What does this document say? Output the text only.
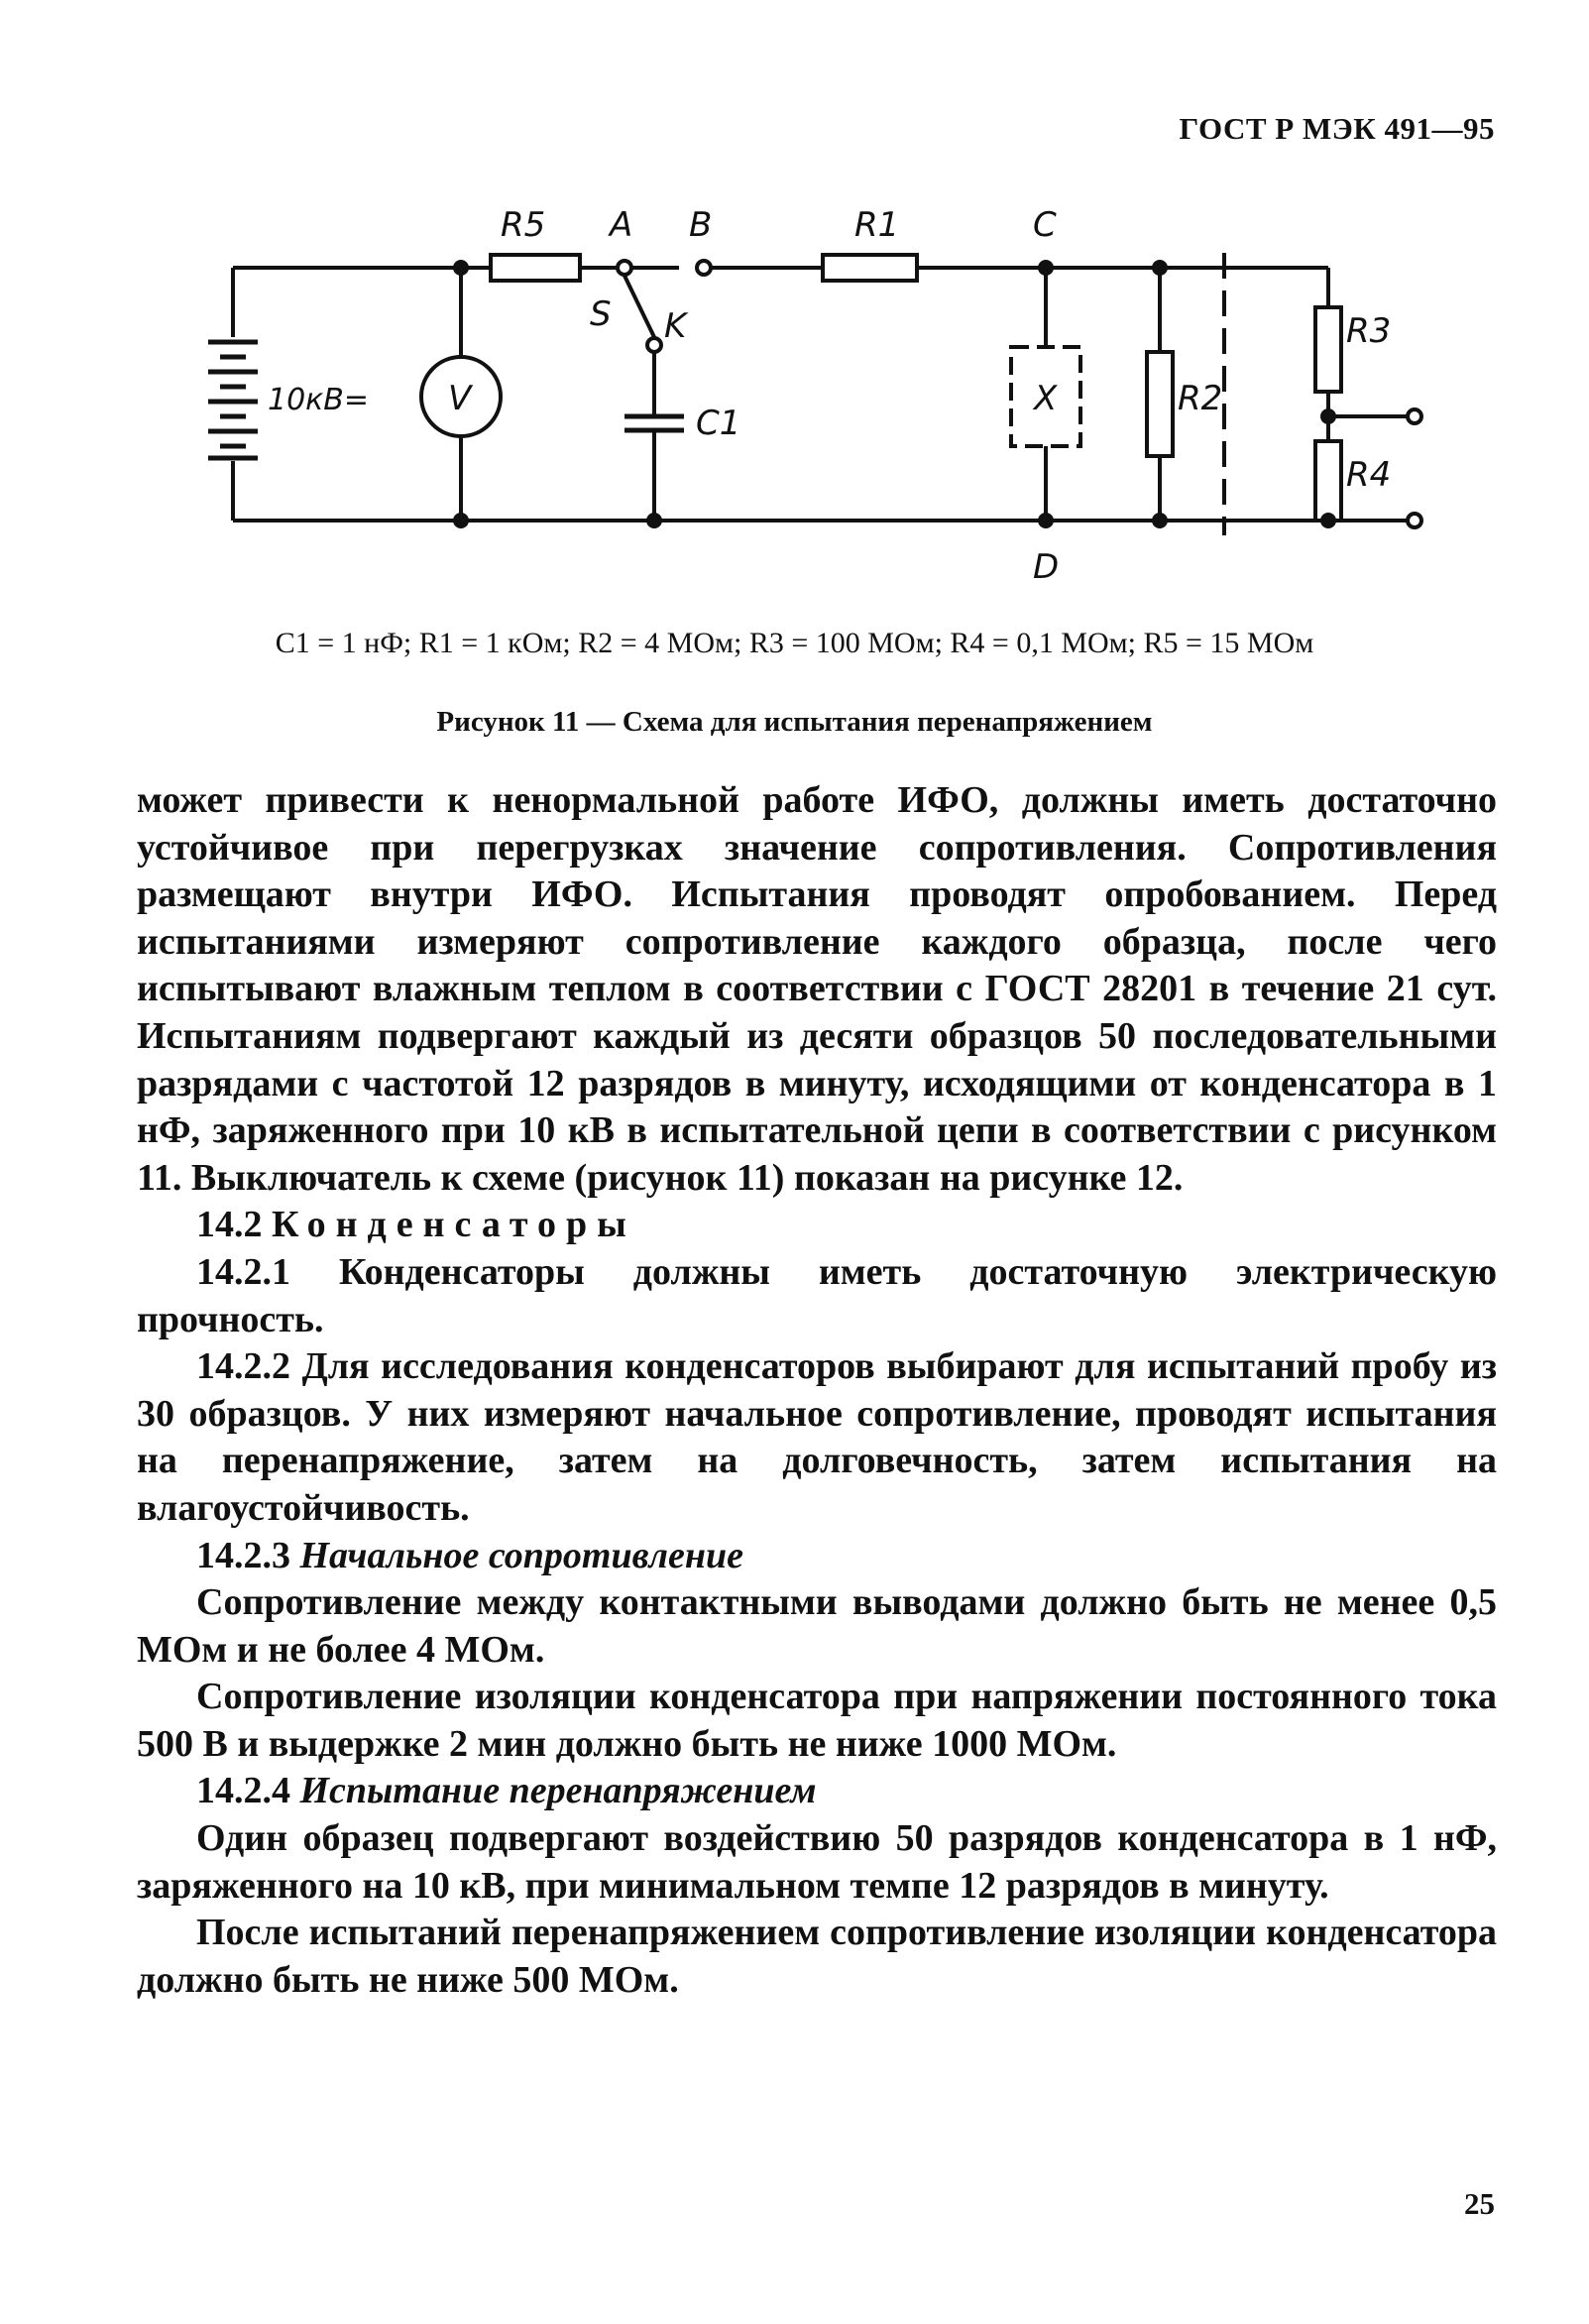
ГОСТ Р МЭК 491—95
R5 A B	R1	C
S K
C1
10кВ= V	X	R2
R3
R4
D
C1 = 1 нФ; R1 = 1 кОм; R2 = 4 МОм; R3 = 100 МОм; R4 = 0,1 МОм; R5 = 15 МОм
Рисунок 11 — Схема для испытания перенапряжением

может привести к ненормальной работе ИФО, должны иметь достаточно устойчивое при перегрузках значение сопротивления. Сопротивления размещают внутри ИФО. Испытания проводят опробованием. Перед испытаниями измеряют сопротивление каждого образца, после чего испытывают влажным теплом в соответствии с ГОСТ 28201 в течение 21 сут. Испытаниям подвергают каждый из десяти образцов 50 последовательными разрядами с частотой 12 разрядов в минуту, исходящими от конденсатора в 1 нФ, заряженного при 10 кВ в испытательной цепи в соответствии с рисунком 11. Выключатель к схеме (рисунок 11) показан на рисунке 12.

14.2 Конденсаторы

14.2.1 Конденсаторы должны иметь достаточную электрическую прочность.

14.2.2 Для исследования конденсаторов выбирают для испытаний пробу из 30 образцов. У них измеряют начальное сопротивление, проводят испытания на перенапряжение, затем на долговечность, затем испытания на влагоустойчивость.

14.2.3 Начальное сопротивление

Сопротивление между контактными выводами должно быть не менее 0,5 МОм и не более 4 МОм.

Сопротивление изоляции конденсатора при напряжении постоянного тока 500 В и выдержке 2 мин должно быть не ниже 1000 МОм.

14.2.4 Испытание перенапряжением

Один образец подвергают воздействию 50 разрядов конденсатора в 1 нФ, заряженного на 10 кВ, при минимальном темпе 12 разрядов в минуту.

После испытаний перенапряжением сопротивление изоляции конденсатора должно быть не ниже 500 МОм.

25
